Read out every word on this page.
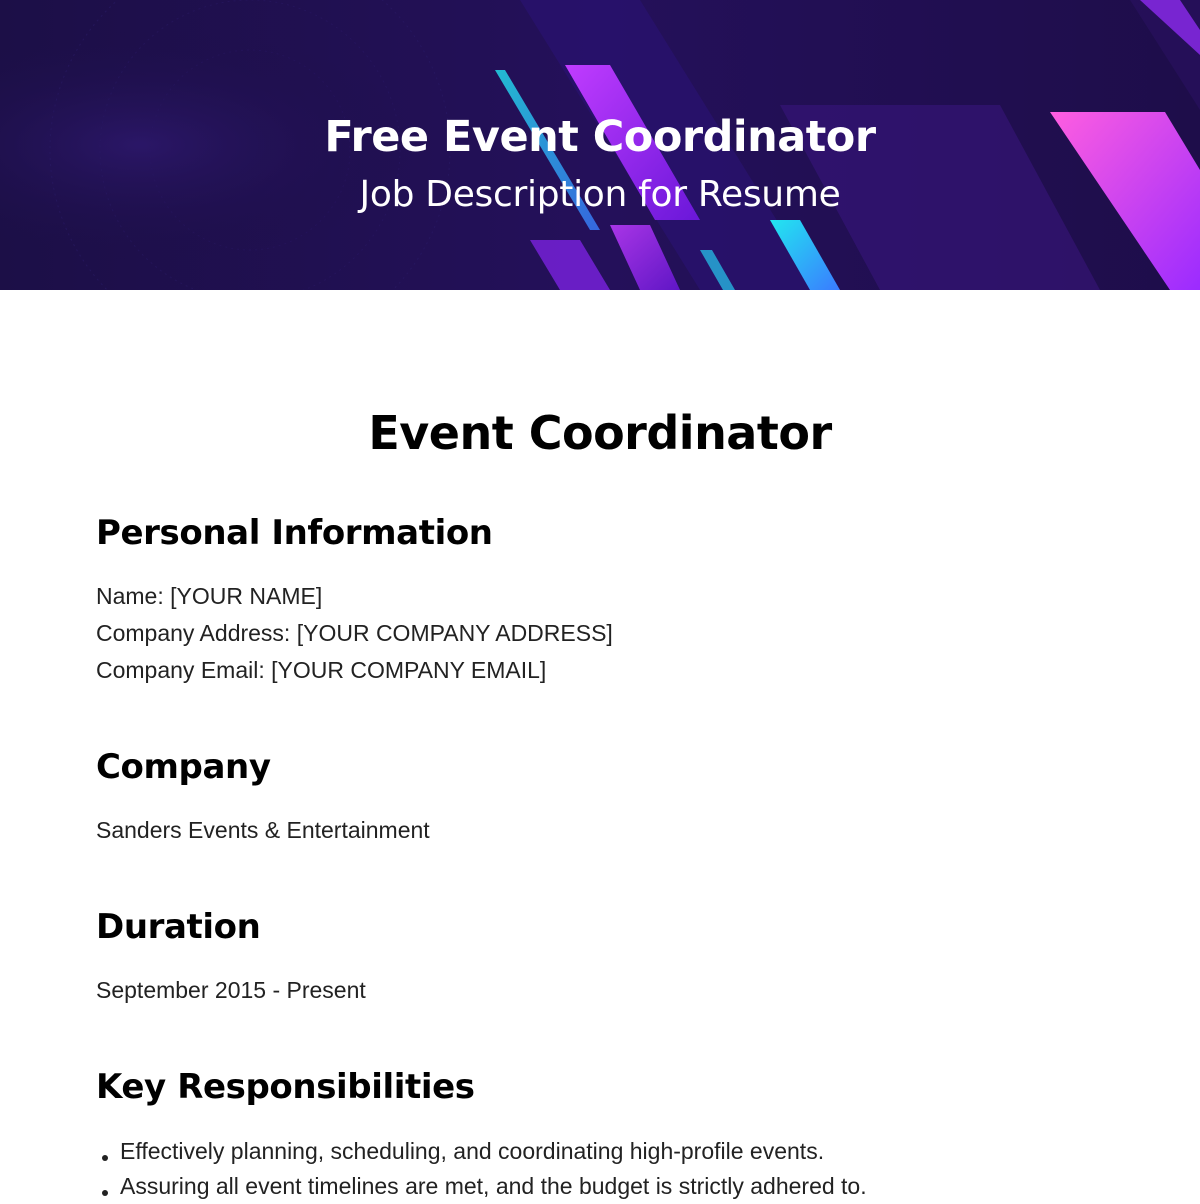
Free Event Coordinator
Job Description for Resume
Event Coordinator
Personal Information

Name: [YOUR NAME]

Company Address: [YOUR COMPANY ADDRESS]

Company Email: [YOUR COMPANY EMAIL]

Company

Sanders Events & Entertainment

Duration

September 2015 - Present

Key Responsibilities
Effectively planning, scheduling, and coordinating high-profile events.
Assuring all event timelines are met, and the budget is strictly adhered to.
